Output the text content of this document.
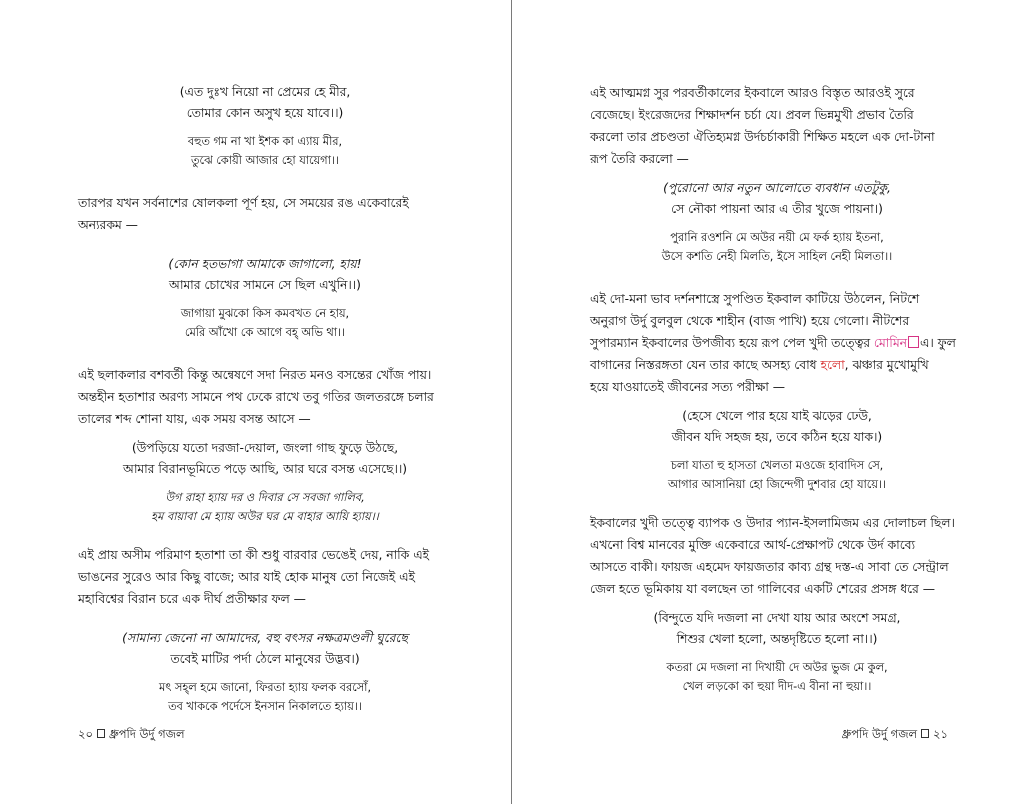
(এত দুঃখ নিয়ো না প্রেমের হে মীর,
তোমার কোন অসুখ হয়ে যাবে।।)
বহুত গম না খা ইশক কা এ্যায় মীর,
তুঝে কোয়ী আজার হো যায়েগা।।

তারপর যখন সর্বনাশের ষোলকলা পূর্ণ হয়, সে সময়ের রঙ একেবারেই
অন্যরকম —

(কোন হতভাগা আমাকে জাগালো, হায়!
আমার চোখের সামনে সে ছিল এখুনি।।)
জাগায়া মুঝকো কিস কমবখত নে হায়,
মেরি আঁখো কে আগে বহ্ অভি থা।।

এই ছলাকলার বশবর্তী কিন্তু অন্বেষণে সদা নিরত মনও বসন্তের খোঁজ পায়।
অন্তহীন হতাশার অরণ্য সামনে পথ ঢেকে রাখে তবু গতির জলতরঙ্গে চলার
তালের শব্দ শোনা যায়, এক সময় বসন্ত আসে —

(উপড়িয়ে যতো দরজা-দেয়াল, জংলা গাছ ফুড়ে উঠছে,
আমার বিরানভূমিতে পড়ে আছি, আর ঘরে বসন্ত এসেছে।।)
উগ রাহা হ্যায় দর ও দিবার সে সবজা গালিব,
হম বায়াবা মে হ্যায় অউর ঘর মে বাহার আয়ি হ্যায়।।

এই প্রায় অসীম পরিমাণ হতাশা তা কী শুধু বারবার ভেঙেই দেয়, নাকি এই
ভাঙনের সুরেও আর কিছু বাজে; আর যাই হোক মানুষ তো নিজেই এই
মহাবিশ্বের বিরান চরে এক দীর্ঘ প্রতীক্ষার ফল —

(সামান্য জেনো না আমাদের, বহু বৎসর নক্ষত্রমণ্ডলী ঘুরেছে
তবেই মাটির পর্দা ঠেলে মানুষের উদ্ভব।)
মৎ সহ্‌ল হমে জানো, ফিরতা হ্যায় ফলক বরসোঁ,
তব খাককে পর্দেসে ইনসান নিকালতে হ্যায়।।
২০ ধ্রুপদি উর্দু গজল

এই আত্মমগ্ন সুর পরবর্তীকালের ইকবালে আরও বিস্তৃত আরওই সুরে
বেজেছে। ইংরেজদের শিক্ষাদর্শন চর্চা যে। প্রবল ভিন্নমুখী প্রভাব তৈরি
করলো তার প্রচণ্ডতা ঐতিহ্যমগ্ন উর্দচর্চাকারী শিক্ষিত মহলে এক দো-টানা
রূপ তৈরি করলো —

(পুরোনো আর নতুন আলোতে ব্যবধান এতটুকু,
সে নৌকা পায়না আর এ তীর খুজে পায়না।)
পুরানি রওশনি মে অউর নয়ী মে ফর্ক হ্যায় ইতনা,
উসে কশতি নেহী মিলতি, ইসে সাহিল নেহী মিলতা।।

এই দো-মনা ভাব দর্শনশাস্ত্রে সুপণ্ডিত ইকবাল কাটিয়ে উঠলেন, নিটশে
অনুরাগ উর্দু বুলবুল থেকে শাহীন (বাজ পাখি) হয়ে গেলো। নীটশের
সুপারম্যান ইকবালের উপজীব্য হয়ে রূপ পেল খুদী তত্ত্বের মোমিন এ। ফুল
বাগানের নিস্তরঙ্গতা যেন তার কাছে অসহ্য বোধ হলো, ঝঞ্চার মুখোমুখি
হয়ে যাওয়াতেই জীবনের সত্য পরীক্ষা —

(হেসে খেলে পার হয়ে যাই ঝড়ের ঢেউ,
জীবন যদি সহজ হয়, তবে কঠিন হয়ে যাক।)
চলা যাতা হু হাসতা খেলতা মওজে হাবাদিস সে,
আগার আসানিয়া হো জিন্দেগী দুশবার হো যায়ে।।

ইকবালের খুদী তত্ত্বে ব্যাপক ও উদার প্যান-ইসলামিজম এর দোলাচল ছিল।
এখনো বিশ্ব মানবের মুক্তি একেবারে আর্থ-প্রেক্ষাপট থেকে উর্দ কাব্যে
আসতে বাকী। ফায়জ এহমেদ ফায়জতার কাব্য গ্রন্থ দস্ত-এ সাবা তে সেন্ট্রাল
জেল হতে ভূমিকায় যা বলছেন তা গালিবের একটি শেরের প্রসঙ্গ ধরে —

(বিন্দুতে যদি দজলা না দেখা যায় আর অংশে সমগ্র,
শিশুর খেলা হলো, অন্তদৃষ্টিতে হলো না।।)
কতরা মে দজলা না দিখায়ী দে অউর ভুজ মে কুল,
খেল লড়কো কা হুয়া দীদ-এ বীনা না হুয়া।।
ধ্রুপদি উর্দু গজল ২১
